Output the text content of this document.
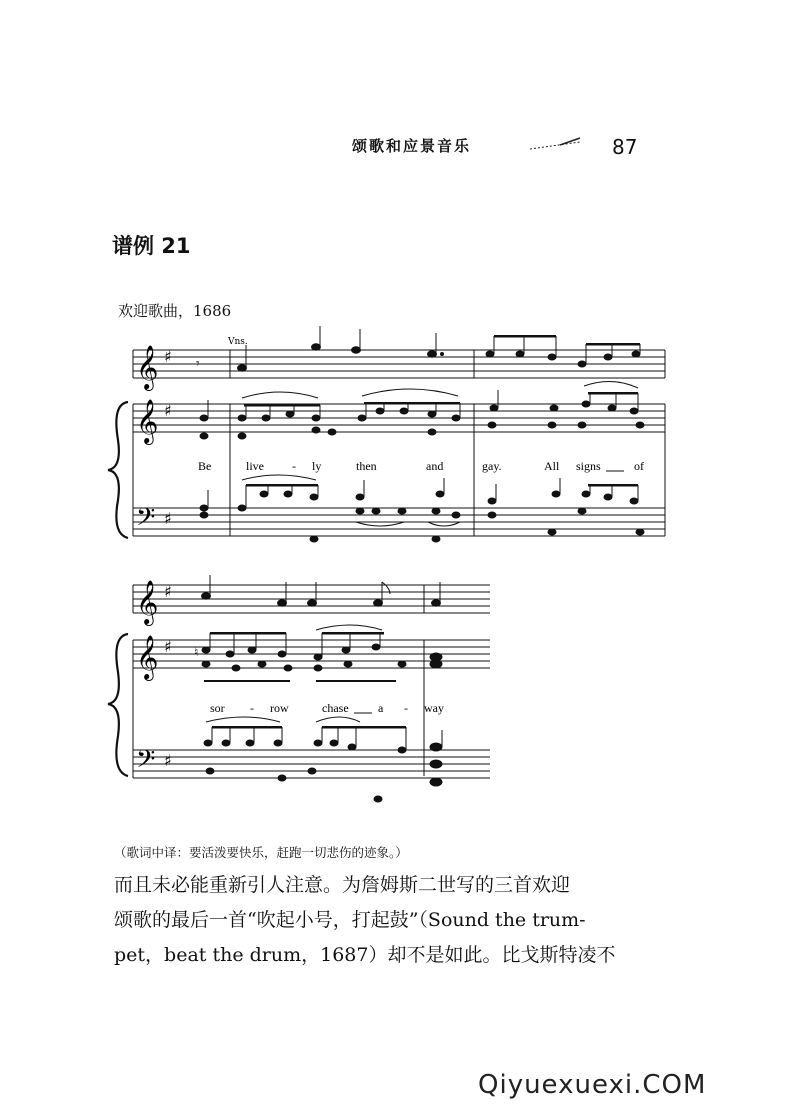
颂歌和应景音乐	87
谱例 21
欢迎歌曲，1686
Vns.
𝄞 ♯ 𝄾
𝄞 ♯
Be	live - ly	then	and	gay.	All signs	of
𝄢 ♯
𝄞 ♯
𝄞 ♯ ♮
sor - row	chase a - way
𝄢 ♯
（歌词中译：要活泼要快乐，赶跑一切悲伤的迹象。）
而且未必能重新引人注意。为詹姆斯二世写的三首欢迎
颂歌的最后一首“吹起小号，打起鼓”（Sound the trum-
pet，beat the drum，1687）却不是如此。比戈斯特凌不
Qiyuexuexi.COM
